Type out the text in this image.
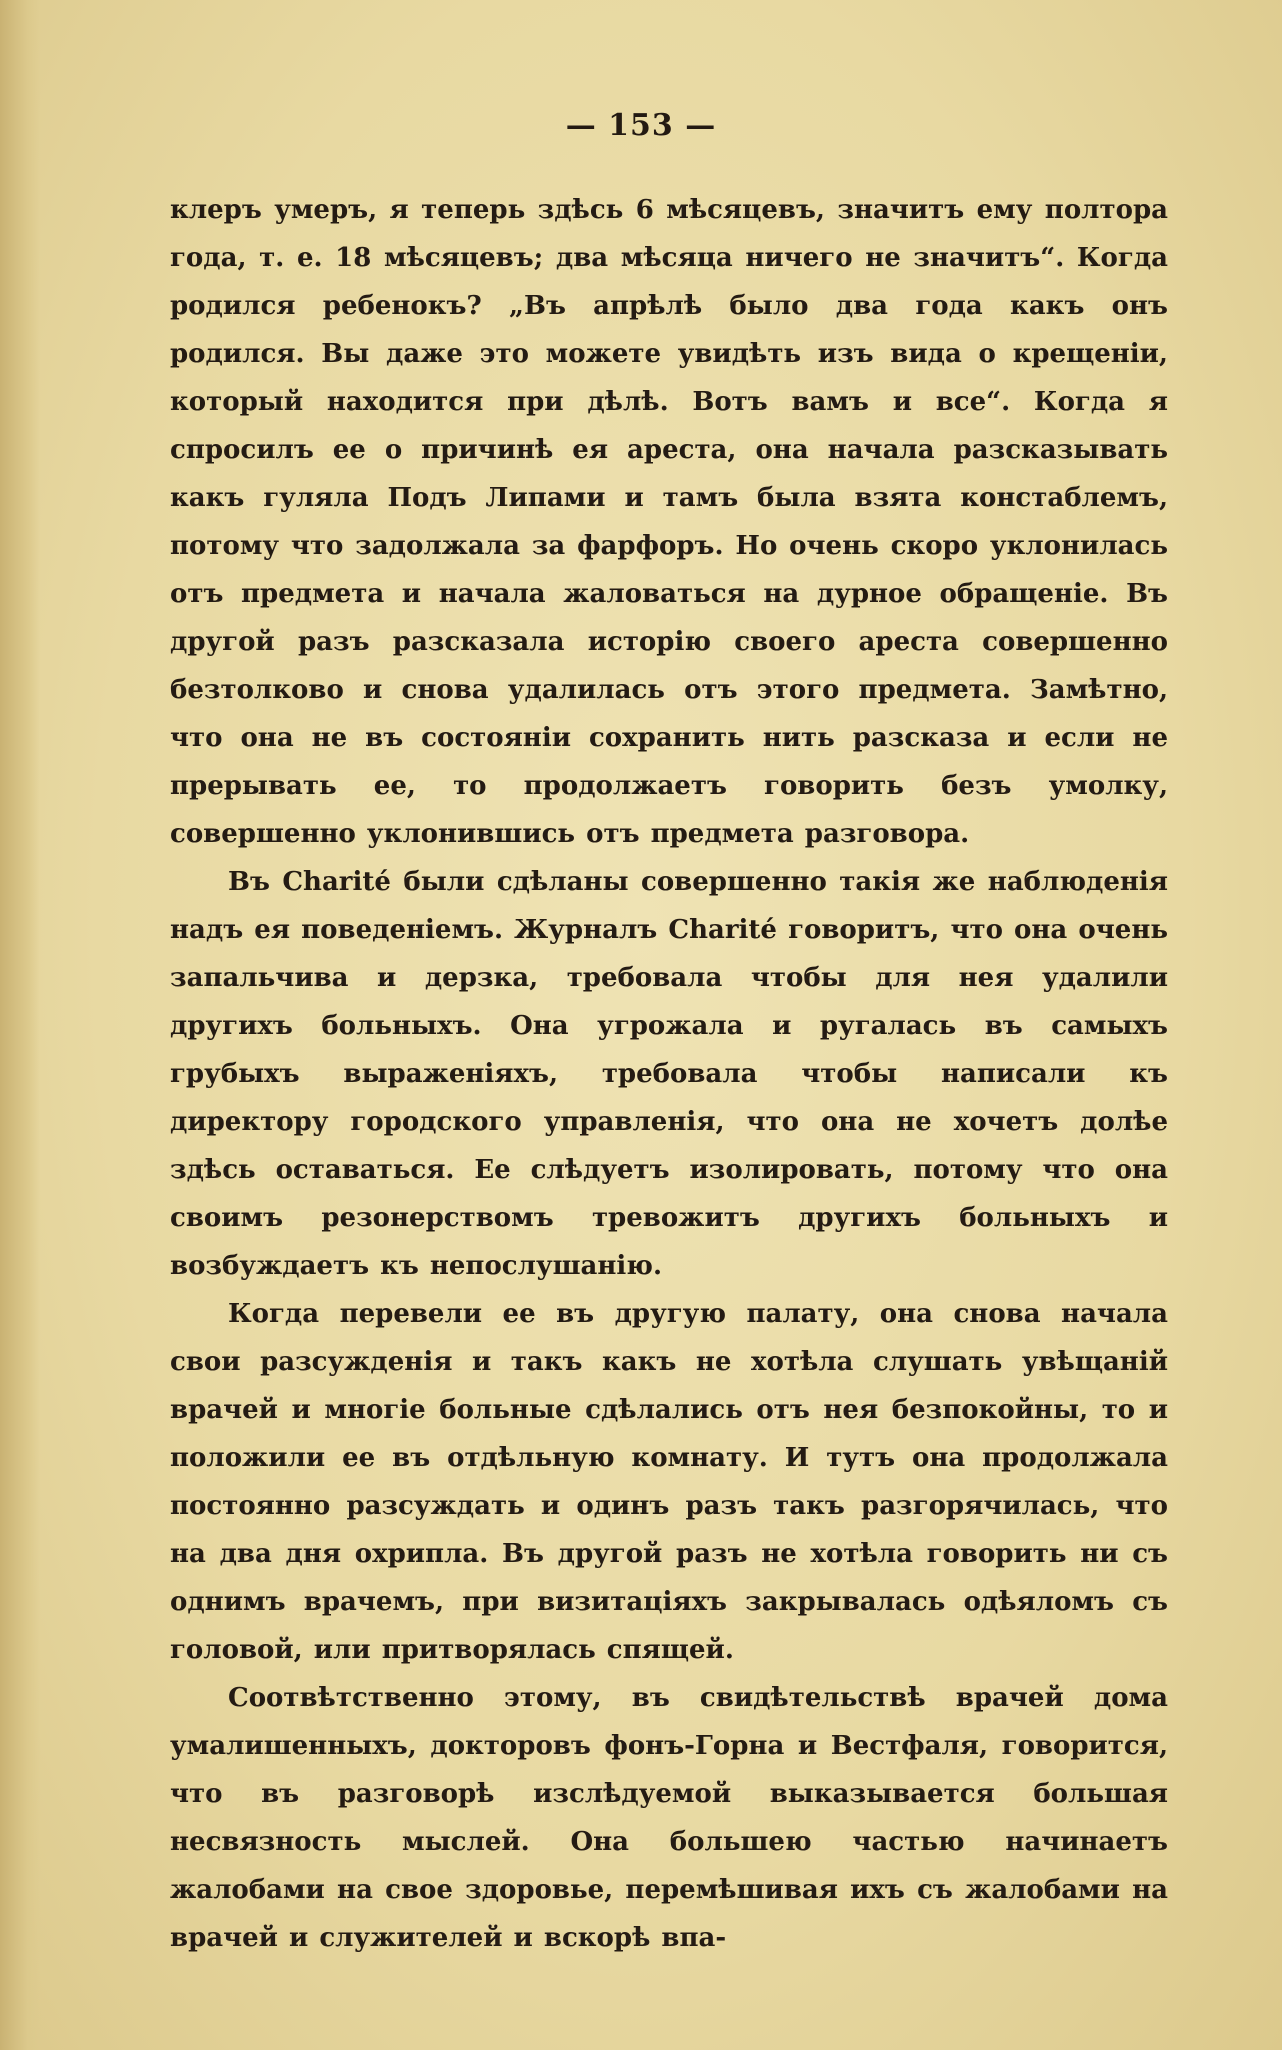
— 153 —

клеръ умеръ, я теперь здѣсь 6 мѣсяцевъ, значитъ ему полтора года, т. е. 18 мѣсяцевъ; два мѣсяца ничего не значитъ“. Когда родился ребенокъ? „Въ апрѣлѣ было два года какъ онъ родился. Вы даже это можете увидѣть изъ вида о крещенiи, который находится при дѣлѣ. Вотъ вамъ и все“. Когда я спросилъ ее о причинѣ ея ареста, она начала разсказывать какъ гуляла Подъ Липами и тамъ была взята констаблемъ, потому что задолжала за фарфоръ. Но очень скоро уклонилась отъ предмета и начала жаловаться на дурное обращенiе. Въ другой разъ разсказала исторiю своего ареста совершенно безтолково и снова удалилась отъ этого предмета. Замѣтно, что она не въ состоянiи сохранить нить разсказа и если не прерывать ее, то продолжаетъ говорить безъ умолку, совершенно уклонившись отъ предмета разговора.

Въ Charité были сдѣланы совершенно такiя же наблюденiя надъ ея поведенiемъ. Журналъ Charité говоритъ, что она очень запальчива и дерзка, требовала чтобы для нея удалили другихъ больныхъ. Она угрожала и ругалась въ самыхъ грубыхъ выраженiяхъ, требовала чтобы написали къ директору городского управленiя, что она не хочетъ долѣе здѣсь оставаться. Ее слѣдуетъ изолировать, потому что она своимъ резонерствомъ тревожитъ другихъ больныхъ и возбуждаетъ къ непослушанiю.

Когда перевели ее въ другую палату, она снова начала свои разсужденiя и такъ какъ не хотѣла слушать увѣщанiй врачей и многiе больные сдѣлались отъ нея безпокойны, то и положили ее въ отдѣльную комнату. И тутъ она продолжала постоянно разсуждать и одинъ разъ такъ разгорячилась, что на два дня охрипла. Въ другой разъ не хотѣла говорить ни съ однимъ врачемъ, при визитацiяхъ закрывалась одѣяломъ съ головой, или притворялась спящей.

Соотвѣтственно этому, въ свидѣтельствѣ врачей дома умалишенныхъ, докторовъ фонъ-Горна и Вестфаля, говорится, что въ разговорѣ изслѣдуемой выказывается большая несвязность мыслей. Она большею частью начинаетъ жалобами на свое здоровье, перемѣшивая ихъ съ жалобами на врачей и служителей и вскорѣ впа-
